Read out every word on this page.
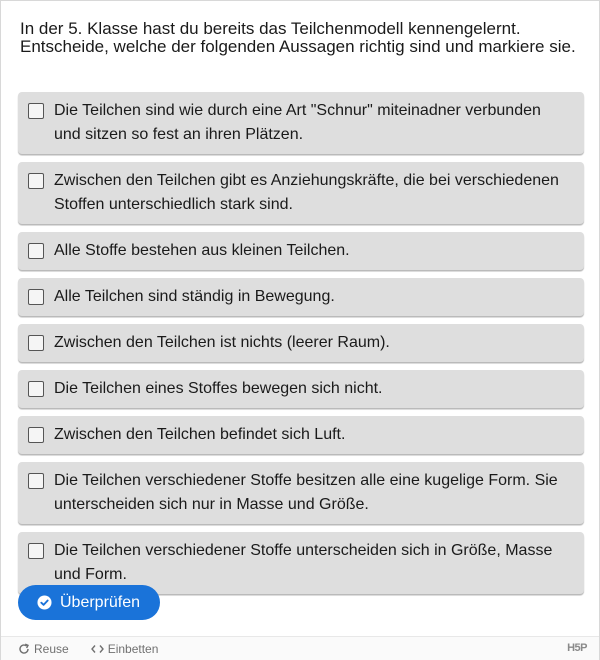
In der 5. Klasse hast du bereits das Teilchenmodell kennengelernt. Entscheide, welche der folgenden Aussagen richtig sind und markiere sie.
Die Teilchen sind wie durch eine Art "Schnur" miteinadner verbunden und sitzen so fest an ihren Plätzen.
Zwischen den Teilchen gibt es Anziehungskräfte, die bei verschiedenen Stoffen unterschiedlich stark sind.
Alle Stoffe bestehen aus kleinen Teilchen.
Alle Teilchen sind ständig in Bewegung.
Zwischen den Teilchen ist nichts (leerer Raum).
Die Teilchen eines Stoffes bewegen sich nicht.
Zwischen den Teilchen befindet sich Luft.
Die Teilchen verschiedener Stoffe besitzen alle eine kugelige Form. Sie unterscheiden sich nur in Masse und Größe.
Die Teilchen verschiedener Stoffe unterscheiden sich in Größe, Masse und Form.
Überprüfen
Reuse	Einbetten	H5P
